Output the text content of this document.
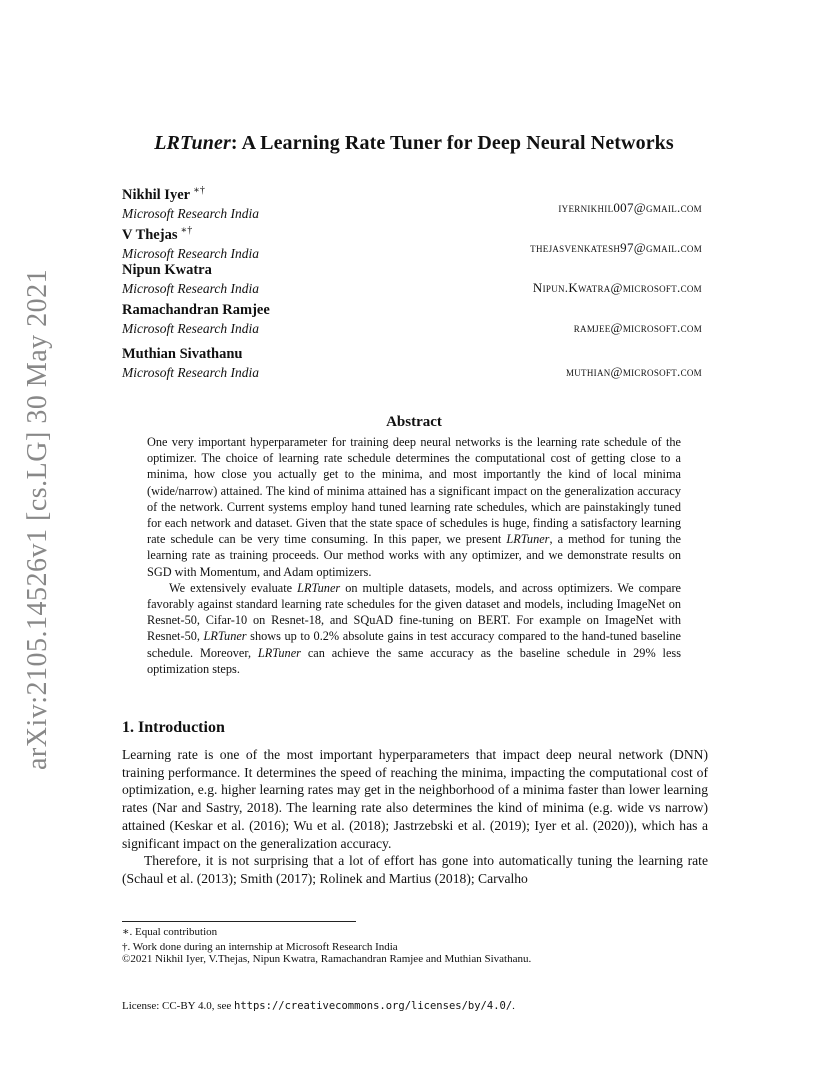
arXiv:2105.14526v1 [cs.LG] 30 May 2021
LRTuner: A Learning Rate Tuner for Deep Neural Networks
Nikhil Iyer ∗†
Microsoft Research India	iyernikhil007@gmail.com
V Thejas ∗†
Microsoft Research India	thejasvenkatesh97@gmail.com
Nipun Kwatra
Microsoft Research India	Nipun.Kwatra@microsoft.com
Ramachandran Ramjee
Microsoft Research India	ramjee@microsoft.com
Muthian Sivathanu
Microsoft Research India	muthian@microsoft.com
Abstract

One very important hyperparameter for training deep neural networks is the learning rate schedule of the optimizer. The choice of learning rate schedule determines the computational cost of getting close to a minima, how close you actually get to the minima, and most importantly the kind of local minima (wide/narrow) attained. The kind of minima attained has a significant impact on the generalization accuracy of the network. Current systems employ hand tuned learning rate schedules, which are painstakingly tuned for each network and dataset. Given that the state space of schedules is huge, finding a satisfactory learning rate schedule can be very time consuming. In this paper, we present LRTuner, a method for tuning the learning rate as training proceeds. Our method works with any optimizer, and we demonstrate results on SGD with Momentum, and Adam optimizers.

We extensively evaluate LRTuner on multiple datasets, models, and across optimizers. We compare favorably against standard learning rate schedules for the given dataset and models, including ImageNet on Resnet-50, Cifar-10 on Resnet-18, and SQuAD fine-tuning on BERT. For example on ImageNet with Resnet-50, LRTuner shows up to 0.2% absolute gains in test accuracy compared to the hand-tuned baseline schedule. Moreover, LRTuner can achieve the same accuracy as the baseline schedule in 29% less optimization steps.

1. Introduction

Learning rate is one of the most important hyperparameters that impact deep neural network (DNN) training performance. It determines the speed of reaching the minima, impacting the computational cost of optimization, e.g. higher learning rates may get in the neighborhood of a minima faster than lower learning rates (Nar and Sastry, 2018). The learning rate also determines the kind of minima (e.g. wide vs narrow) attained (Keskar et al. (2016); Wu et al. (2018); Jastrzebski et al. (2019); Iyer et al. (2020)), which has a significant impact on the generalization accuracy.

Therefore, it is not surprising that a lot of effort has gone into automatically tuning the learning rate (Schaul et al. (2013); Smith (2017); Rolinek and Martius (2018); Carvalho

∗. Equal contribution
†. Work done during an internship at Microsoft Research India
©2021 Nikhil Iyer, V.Thejas, Nipun Kwatra, Ramachandran Ramjee and Muthian Sivathanu.
License: CC-BY 4.0, see https://creativecommons.org/licenses/by/4.0/.
